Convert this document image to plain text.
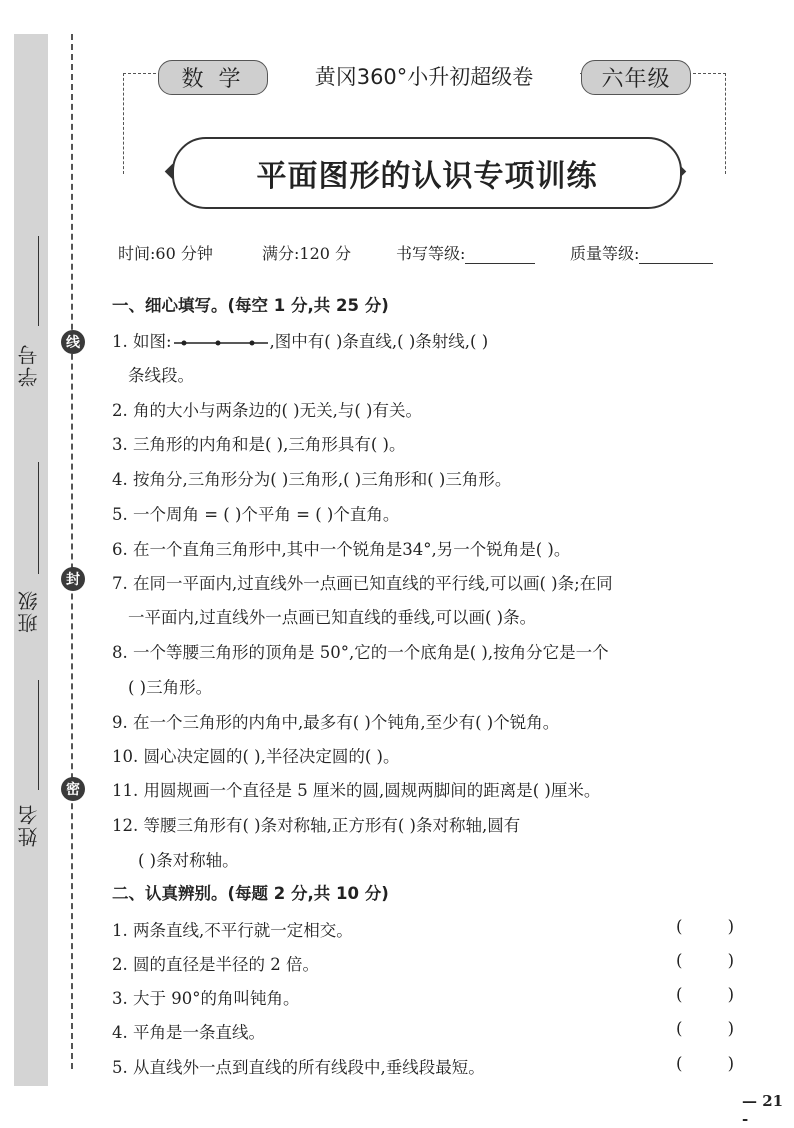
学号
班级
姓名
线
封
密
数 学	黄冈360°小升初超级卷	六年级
平面图形的认识专项训练
时间:60 分钟	满分:120 分	书写等级:	质量等级:
一、细心填写。(每空 1 分,共 25 分)
1. 如图:	,图中有( )条直线,( )条射线,( )
条线段。
2. 角的大小与两条边的( )无关,与( )有关。
3. 三角形的内角和是( ),三角形具有( )。
4. 按角分,三角形分为( )三角形,( )三角形和( )三角形。
5. 一个周角 = ( )个平角 = ( )个直角。
6. 在一个直角三角形中,其中一个锐角是34°,另一个锐角是( )。
7. 在同一平面内,过直线外一点画已知直线的平行线,可以画( )条;在同
一平面内,过直线外一点画已知直线的垂线,可以画( )条。
8. 一个等腰三角形的顶角是 50°,它的一个底角是( ),按角分它是一个
( )三角形。
9. 在一个三角形的内角中,最多有( )个钝角,至少有( )个锐角。
10. 圆心决定圆的( ),半径决定圆的( )。
11. 用圆规画一个直径是 5 厘米的圆,圆规两脚间的距离是( )厘米。
12. 等腰三角形有( )条对称轴,正方形有( )条对称轴,圆有
( )条对称轴。
二、认真辨别。(每题 2 分,共 10 分)
1. 两条直线,不平行就一定相交。	(	)
2. 圆的直径是半径的 2 倍。	(	)
3. 大于 90°的角叫钝角。	(	)
4. 平角是一条直线。	(	)
5. 从直线外一点到直线的所有线段中,垂线段最短。	(	)
— 21 -
